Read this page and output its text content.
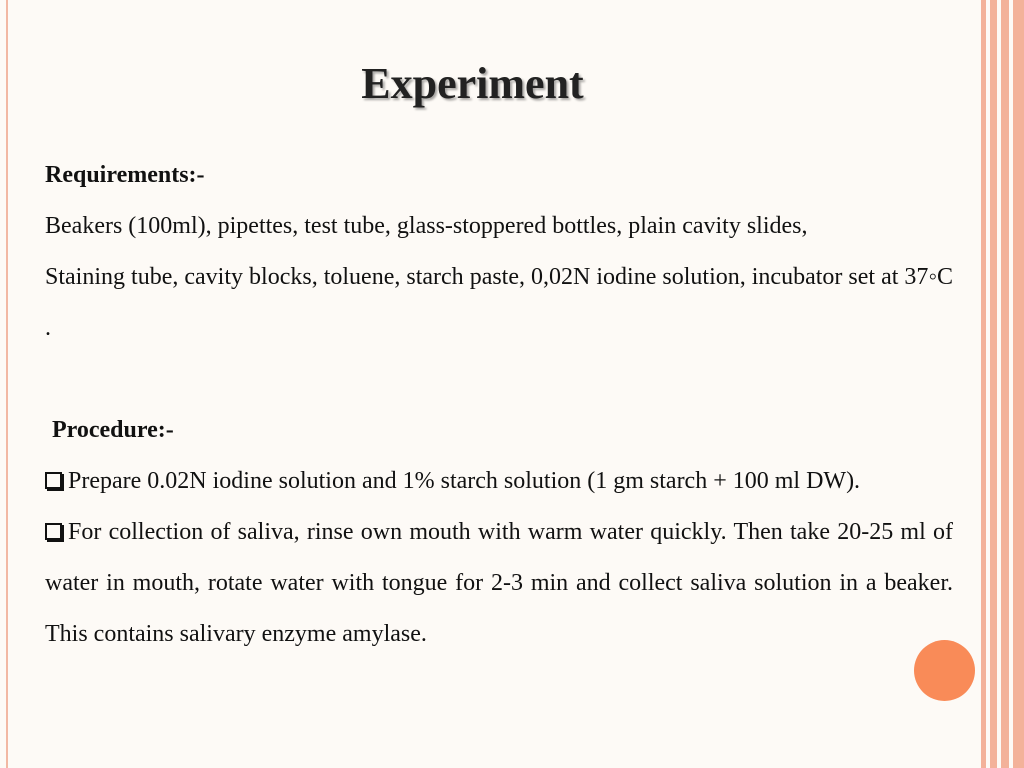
Experiment

Requirements:-

Beakers (100ml), pipettes, test tube, glass-stoppered bottles, plain cavity slides,

Staining tube, cavity blocks, toluene, starch paste, 0,02N iodine solution, incubator set at 37◦C .

Procedure:-

Prepare 0.02N iodine solution and 1% starch solution (1 gm starch + 100 ml DW).

For collection of saliva, rinse own mouth with warm water quickly. Then take 20-25 ml of water in mouth, rotate water with tongue for 2-3 min and collect saliva solution in a beaker. This contains salivary enzyme amylase.
